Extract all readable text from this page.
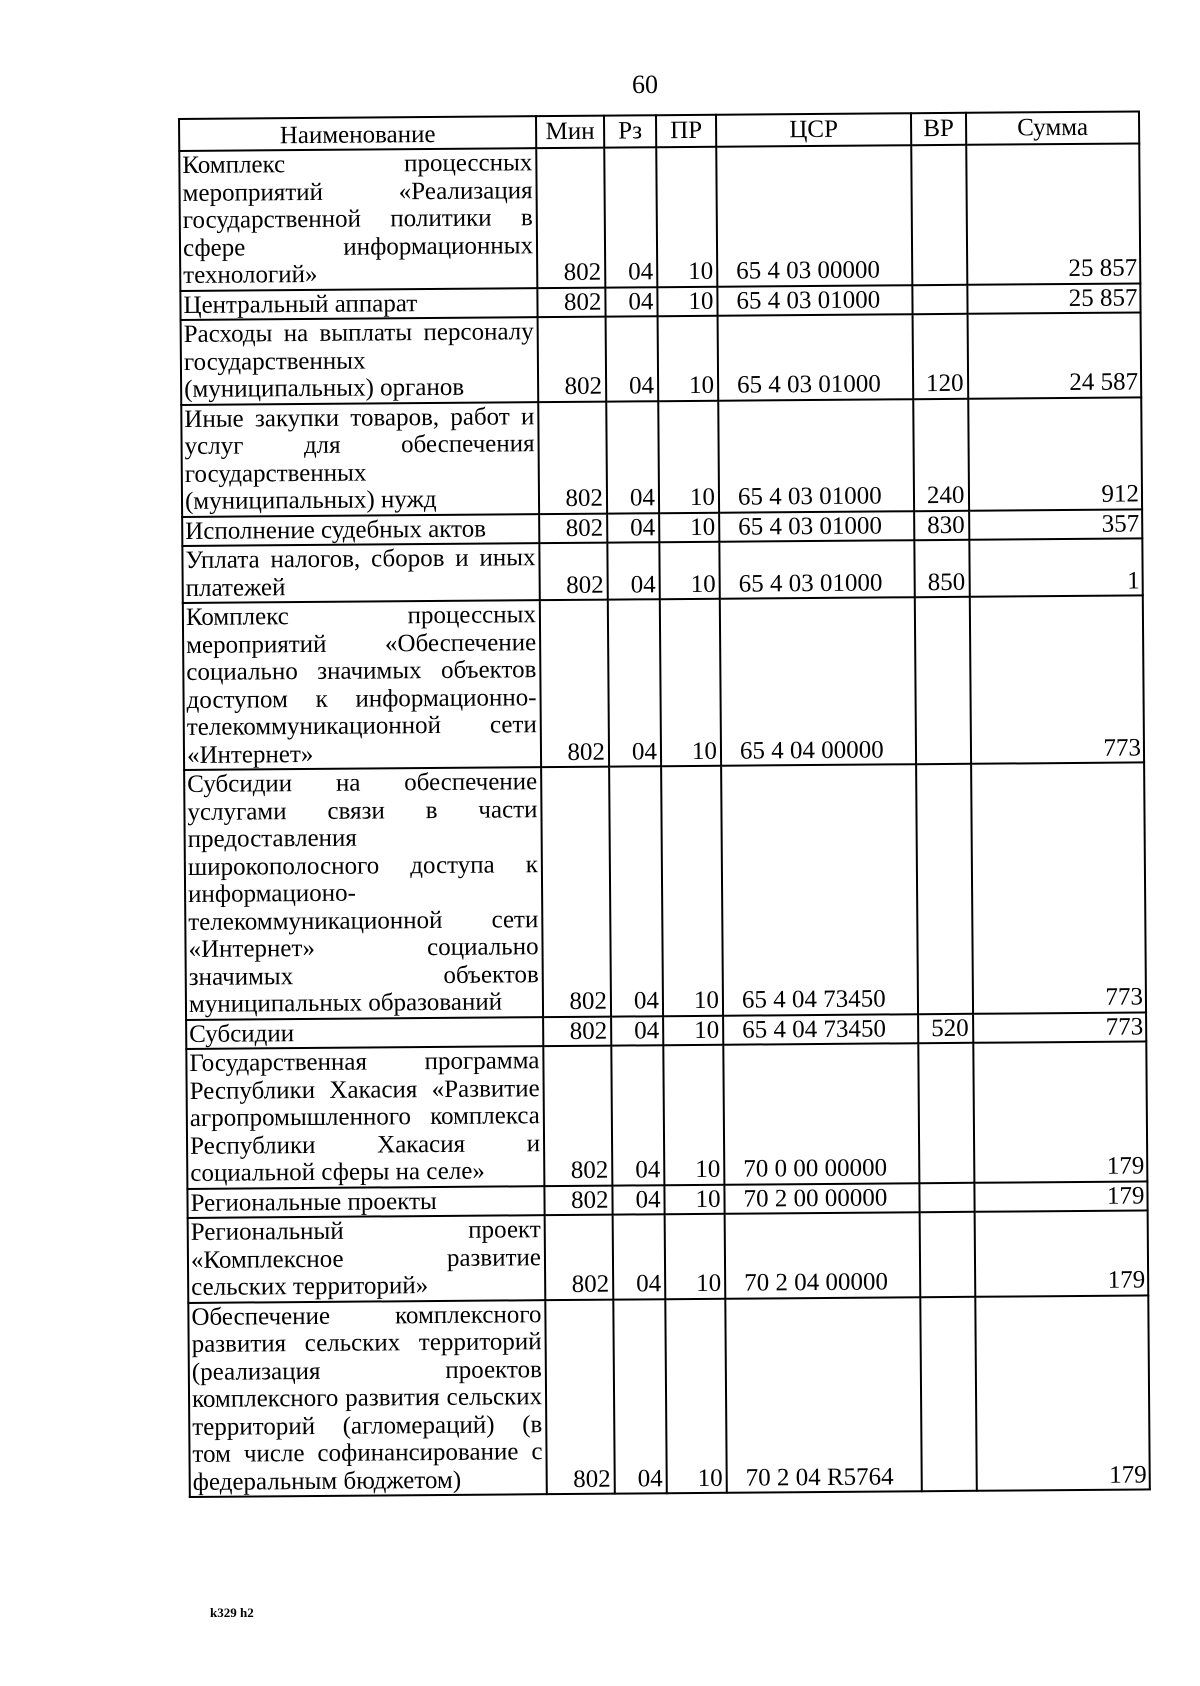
60
Наименование	Мин	Рз	ПР	ЦСР	ВР	Сумма
Комплекс процессных мероприятий «Реализация государственной политики в сфере информационных технологий»	802	04	10	65 4 03 00000		25 857
Центральный аппарат	802	04	10	65 4 03 01000		25 857
Расходы на выплаты персоналу государственных (муниципальных) органов	802	04	10	65 4 03 01000	120	24 587
Иные закупки товаров, работ и услуг для обеспечения государственных (муниципальных) нужд	802	04	10	65 4 03 01000	240	912
Исполнение судебных актов	802	04	10	65 4 03 01000	830	357
Уплата налогов, сборов и иных платежей	802	04	10	65 4 03 01000	850	1
Комплекс процессных мероприятий «Обеспечение социально значимых объектов доступом к информационно-телекоммуникационной сети «Интернет»	802	04	10	65 4 04 00000		773
Субсидии на обеспечение услугами связи в части предоставления широкополосного доступа к информационо-телекоммуникационной сети «Интернет» социально значимых объектов муниципальных образований	802	04	10	65 4 04 73450		773
Субсидии	802	04	10	65 4 04 73450	520	773
Государственная программа Республики Хакасия «Развитие агропромышленного комплекса Республики Хакасия и социальной сферы на селе»	802	04	10	70 0 00 00000		179
Региональные проекты	802	04	10	70 2 00 00000		179
Региональный проект «Комплексное развитие сельских территорий»	802	04	10	70 2 04 00000		179
Обеспечение комплексного развития сельских территорий (реализация проектов комплексного развития сельских территорий (агломераций) (в том числе софинансирование с федеральным бюджетом)	802	04	10	70 2 04 R5764		179
k329 h2
